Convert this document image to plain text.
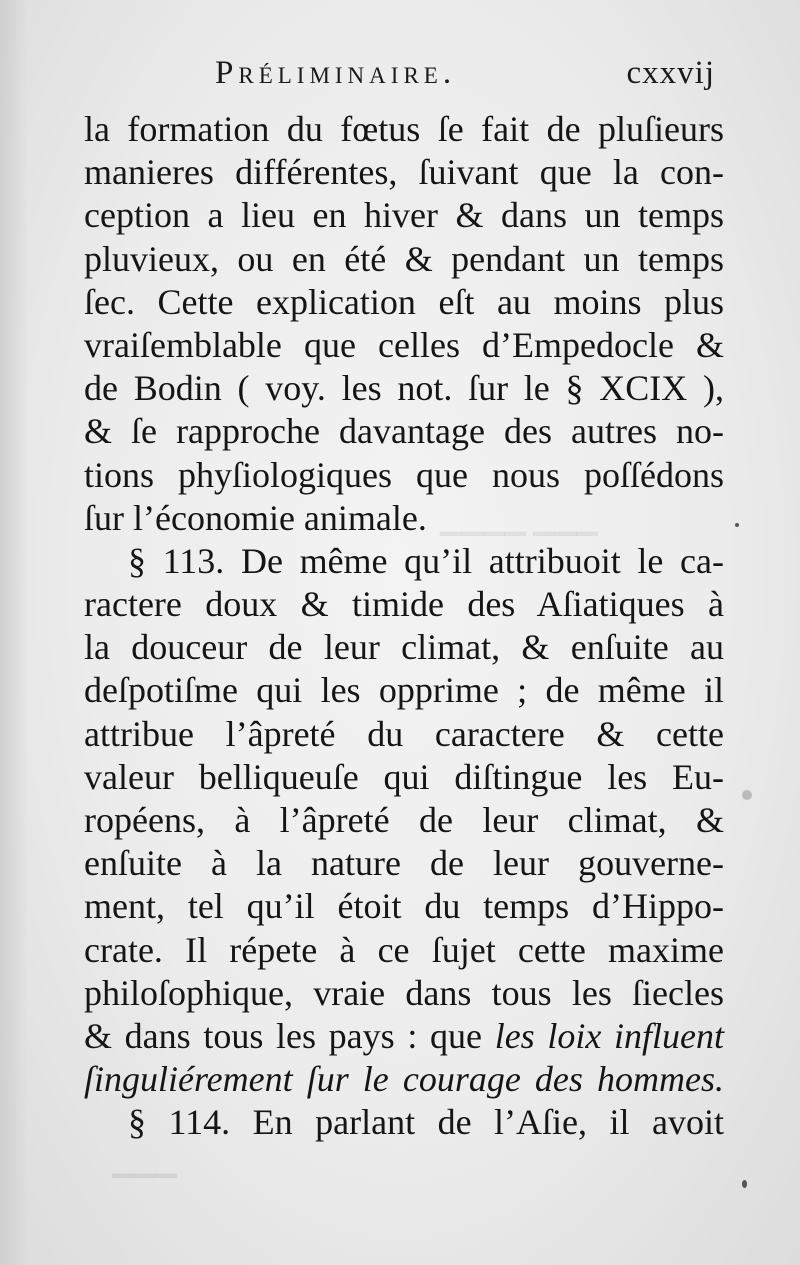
Préliminaire.	cxxvij
la formation du fœtus ſe fait de pluſieurs
manieres différentes, ſuivant que la con-
ception a lieu en hiver & dans un temps
pluvieux, ou en été & pendant un temps
ſec. Cette explication eſt au moins plus
vraiſemblable que celles d’Empedocle &
de Bodin ( voy. les not. ſur le § XCIX ),
& ſe rapproche davantage des autres no-
tions phyſiologiques que nous poſſédons
ſur l’économie animale.
§ 113. De même qu’il attribuoit le ca-
ractere doux & timide des Aſiatiques à
la douceur de leur climat, & enſuite au
deſpotiſme qui les opprime ; de même il
attribue l’âpreté du caractere & cette
valeur belliqueuſe qui diſtingue les Eu-
ropéens, à l’âpreté de leur climat, &
enſuite à la nature de leur gouverne-
ment, tel qu’il étoit du temps d’Hippo-
crate. Il répete à ce ſujet cette maxime
philoſophique, vraie dans tous les ſiecles
& dans tous les pays : que les loix influent
ſinguliérement ſur le courage des hommes.
§ 114. En parlant de l’Aſie, il avoit
▁▁▁ ▁▁▁▁
▁▁▁
